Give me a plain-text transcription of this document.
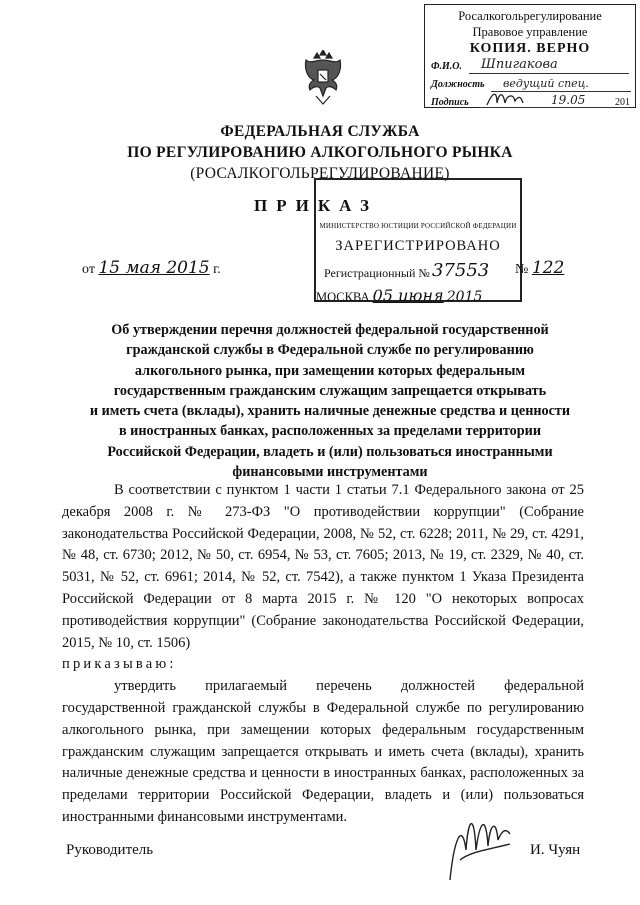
Росалкогольрегулирование
Правовое управление
КОПИЯ. ВЕРНО
Ф.И.О. Шпигакова
Должность ведущий спец.
Подпись	19.05	201
ФЕДЕРАЛЬНАЯ СЛУЖБА
ПО РЕГУЛИРОВАНИЮ АЛКОГОЛЬНОГО РЫНКА
(РОСАЛКОГОЛЬРЕГУЛИРОВАНИЕ)
МИНИСТЕРСТВО ЮСТИЦИИ РОССИЙСКОЙ ФЕДЕРАЦИИ
ЗАРЕГИСТРИРОВАНО
Регистрационный № 37553
ПРИКАЗ
от 15 мая 2015 г.	№ 122
МОСКВА 05 июня 2015
Об утверждении перечня должностей федеральной государственной
гражданской службы в Федеральной службе по регулированию
алкогольного рынка, при замещении которых федеральным
государственным гражданским служащим запрещается открывать
и иметь счета (вклады), хранить наличные денежные средства и ценности
в иностранных банках, расположенных за пределами территории
Российской Федерации, владеть и (или) пользоваться иностранными
финансовыми инструментами

В соответствии с пунктом 1 части 1 статьи 7.1 Федерального закона от 25 декабря 2008 г. № 273-ФЗ "О противодействии коррупции" (Собрание законодательства Российской Федерации, 2008, № 52, ст. 6228; 2011, № 29, ст. 4291, № 48, ст. 6730; 2012, № 50, ст. 6954, № 53, ст. 7605; 2013, № 19, ст. 2329, № 40, ст. 5031, № 52, ст. 6961; 2014, № 52, ст. 7542), а также пунктом 1 Указа Президента Российской Федерации от 8 марта 2015 г. № 120 "О некоторых вопросах противодействия коррупции" (Собрание законодательства Российской Федерации, 2015, № 10, ст. 1506)

приказываю:

утвердить прилагаемый перечень должностей федеральной государственной гражданской службы в Федеральной службе по регулированию алкогольного рынка, при замещении которых федеральным государственным гражданским служащим запрещается открывать и иметь счета (вклады), хранить наличные денежные средства и ценности в иностранных банках, расположенных за пределами территории Российской Федерации, владеть и (или) пользоваться иностранными финансовыми инструментами.

Руководитель	И. Чуян
